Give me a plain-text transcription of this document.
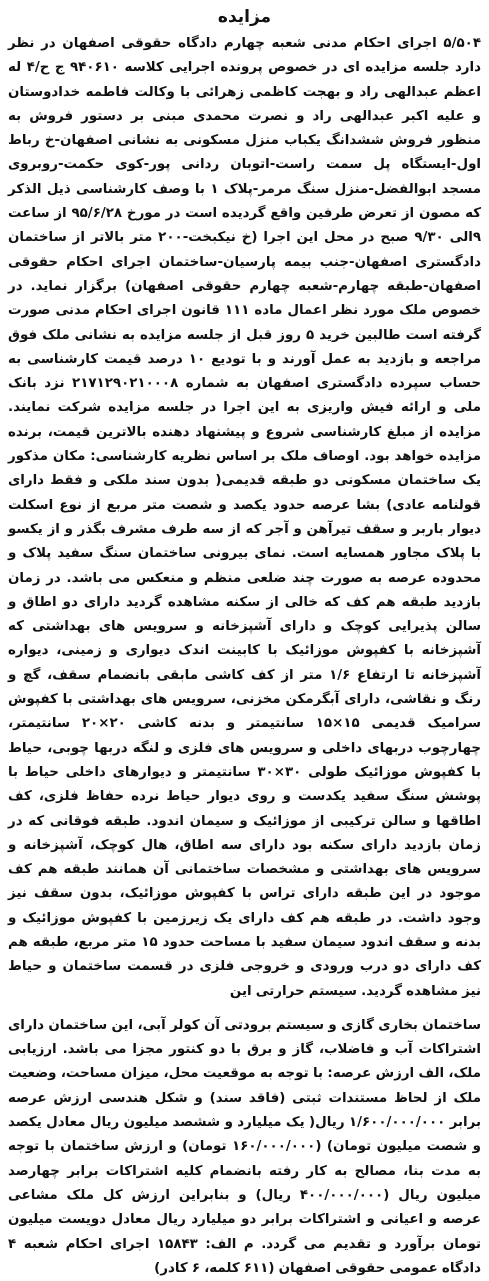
مزایده

۵/۵۰۴ اجرای احکام مدنی شعبه چهارم دادگاه حقوقی اصفهان در نظر دارد جلسه مزایده ای در خصوص پرونده اجرایی کلاسه ۹۴۰۶۱۰ ج ح/۴ له اعظم عبدالهی راد و بهجت کاظمی زهرائی با وکالت فاطمه خدادوستان و علیه اکبر عبدالهی راد و نصرت محمدی مبنی بر دستور فروش به منظور فروش ششدانگ یکباب منزل مسکونی به نشانی اصفهان-خ رباط اول-ایستگاه پل سمت راست-اتوبان ردانی پور-کوی حکمت-روبروی مسجد ابوالفضل-منزل سنگ مرمر-پلاک ۱ با وصف کارشناسی ذیل الذکر که مصون از تعرض طرفین واقع گردیده است در مورخ ۹۵/۶/۲۸ از ساعت ۹الی ۹/۳۰ صبح در محل این اجرا (خ نیکبخت-۲۰۰ متر بالاتر از ساختمان دادگستری اصفهان-جنب بیمه پارسیان-ساختمان اجرای احکام حقوقی اصفهان-طبقه چهارم-شعبه چهارم حقوقی اصفهان) برگزار نماید. در خصوص ملک مورد نظر اعمال ماده ۱۱۱ قانون اجرای احکام مدنی صورت گرفته است طالبین خرید ۵ روز قبل از جلسه مزایده به نشانی ملک فوق مراجعه و بازدید به عمل آورند و با تودیع ۱۰ درصد قیمت کارشناسی به حساب سپرده دادگستری اصفهان به شماره ۲۱۷۱۲۹۰۲۱۰۰۰۸ نزد بانک ملی و ارائه فیش واریزی به این اجرا در جلسه مزایده شرکت نمایند. مزایده از مبلغ کارشناسی شروع و پیشنهاد دهنده بالاترین قیمت، برنده مزایده خواهد بود. اوصاف ملک بر اساس نظریه کارشناسی: مکان مذکور یک ساختمان مسکونی دو طبقه قدیمی( بدون سند ملکی و فقط دارای قولنامه عادی) بشا عرصه حدود یکصد و شصت متر مربع از نوع اسکلت دیوار باربر و سقف تیرآهن و آجر که از سه طرف مشرف بگذر و از یکسو با پلاک مجاور همسایه است. نمای بیرونی ساختمان سنگ سفید پلاک و محدوده عرصه به صورت چند ضلعی منظم و منعکس می باشد. در زمان بازدید طبقه هم کف که خالی از سکنه مشاهده گردید دارای دو اطاق و سالن پذیرایی کوچک و دارای آشپزخانه و سرویس های بهداشتی که آشپزخانه با کفپوش موزائیک با کابینت اندک دیواری و زمینی، دیواره آشپزخانه تا ارتفاع ۱/۶ متر از کف کاشی مابقی بانضمام سقف، گچ و رنگ و نقاشی، دارای آبگرمکن مخزنی، سرویس های بهداشتی با کفپوش سرامیک قدیمی ۱۵×۱۵ سانتیمتر و بدنه کاشی ۲۰×۲۰ سانتیمتر، چهارچوب دربهای داخلی و سرویس های فلزی و لنگه دربها چوبی، حیاط با کفپوش موزائیک طولی ۳۰×۳۰ سانتیمتر و دیوارهای داخلی حیاط با پوشش سنگ سفید یکدست و روی دیوار حیاط نرده حفاظ فلزی، کف اطاقها و سالن ترکیبی از موزائیک و سیمان اندود. طبقه فوقانی که در زمان بازدید دارای سکنه بود دارای سه اطاق، هال کوچک، آشپزخانه و سرویس های بهداشتی و مشخصات ساختمانی آن همانند طبقه هم کف موجود در این طبقه دارای تراس با کفپوش موزائیک، بدون سقف نیز وجود داشت. در طبقه هم کف دارای یک زیرزمین با کفپوش موزائیک و بدنه و سقف اندود سیمان سفید با مساحت حدود ۱۵ متر مربع، طبقه هم کف دارای دو درب ورودی و خروجی فلزی در قسمت ساختمان و حیاط نیز مشاهده گردید. سیستم حرارتی این

ساختمان بخاری گازی و سیستم برودتی آن کولر آبی، این ساختمان دارای اشتراکات آب و فاضلاب، گاز و برق با دو کنتور مجزا می باشد. ارزیابی ملک، الف ارزش عرصه: با توجه به موقعیت محل، میزان مساحت، وضعیت ملک از لحاظ مستندات ثبتی (فاقد سند) و شکل هندسی ارزش عرصه برابر ۱/۶۰۰/۰۰۰/۰۰۰ ریال( یک میلیارد و ششصد میلیون ریال معادل یکصد و شصت میلیون تومان) (۱۶۰/۰۰۰/۰۰۰ تومان) و ارزش ساختمان با توجه به مدت بنا، مصالح به کار رفته بانضمام کلیه اشتراکات برابر چهارصد میلیون ریال (۴۰۰/۰۰۰/۰۰۰ ریال) و بنابراین ارزش کل ملک مشاعی عرصه و اعیانی و اشتراکات برابر دو میلیارد ریال معادل دویست میلیون تومان برآورد و تقدیم می گردد. م الف: ۱۵۸۴۳ اجرای احکام شعبه ۴ دادگاه عمومی حقوقی اصفهان (۶۱۱ کلمه، ۶ کادر)
